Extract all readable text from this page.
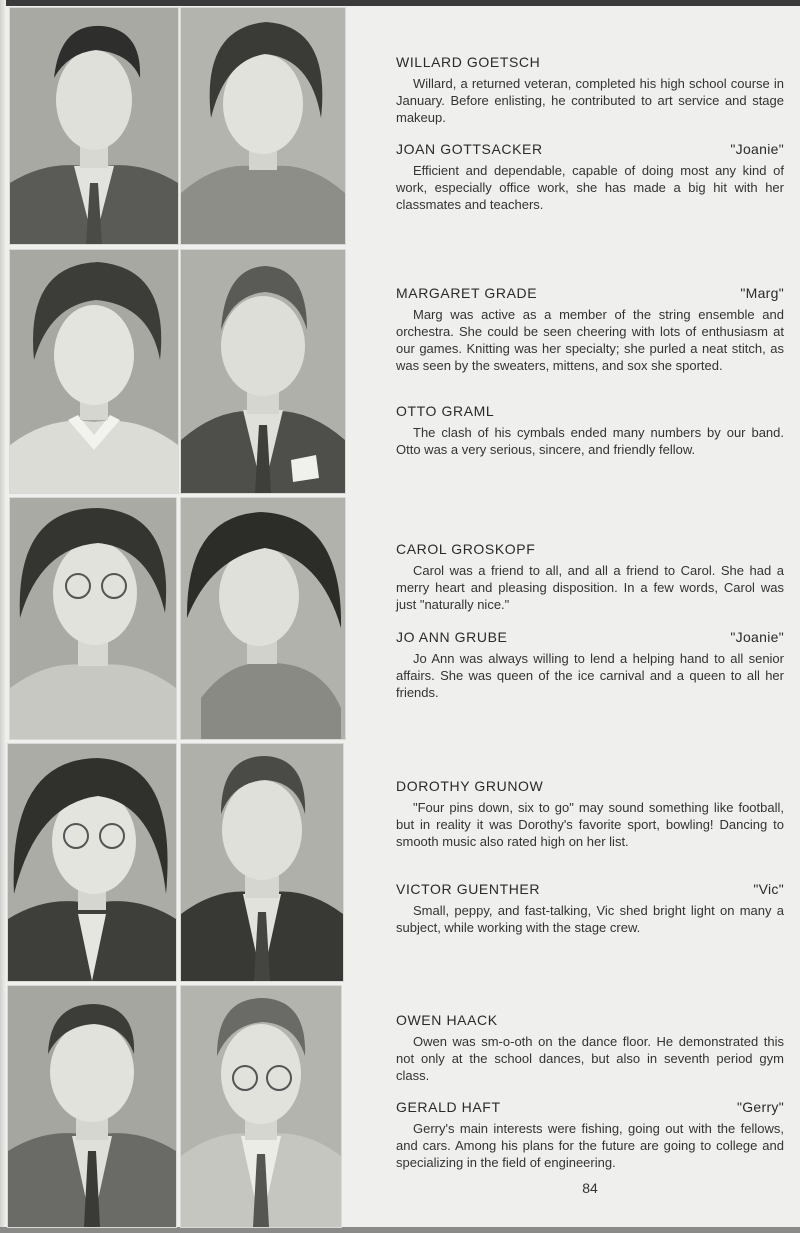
WILLARD GOETSCH

Willard, a returned veteran, completed his high school course in January. Before enlisting, he contributed to art service and stage makeup.

JOAN GOTTSACKER	"Joanie"

Efficient and dependable, capable of doing most any kind of work, especially office work, she has made a big hit with her classmates and teachers.

MARGARET GRADE	"Marg"

Marg was active as a member of the string ensemble and orchestra. She could be seen cheering with lots of enthusiasm at our games. Knitting was her specialty; she purled a neat stitch, as was seen by the sweaters, mittens, and sox she sported.

OTTO GRAML

The clash of his cymbals ended many numbers by our band. Otto was a very serious, sincere, and friendly fellow.

CAROL GROSKOPF

Carol was a friend to all, and all a friend to Carol. She had a merry heart and pleasing disposition. In a few words, Carol was just "naturally nice."

JO ANN GRUBE	"Joanie"

Jo Ann was always willing to lend a helping hand to all senior affairs. She was queen of the ice carnival and a queen to all her friends.

DOROTHY GRUNOW

"Four pins down, six to go" may sound something like football, but in reality it was Dorothy's favorite sport, bowling! Dancing to smooth music also rated high on her list.

VICTOR GUENTHER	"Vic"

Small, peppy, and fast-talking, Vic shed bright light on many a subject, while working with the stage crew.

OWEN HAACK

Owen was sm-o-oth on the dance floor. He demonstrated this not only at the school dances, but also in seventh period gym class.

GERALD HAFT	"Gerry"

Gerry's main interests were fishing, going out with the fellows, and cars. Among his plans for the future are going to college and specializing in the field of engineering.

84
